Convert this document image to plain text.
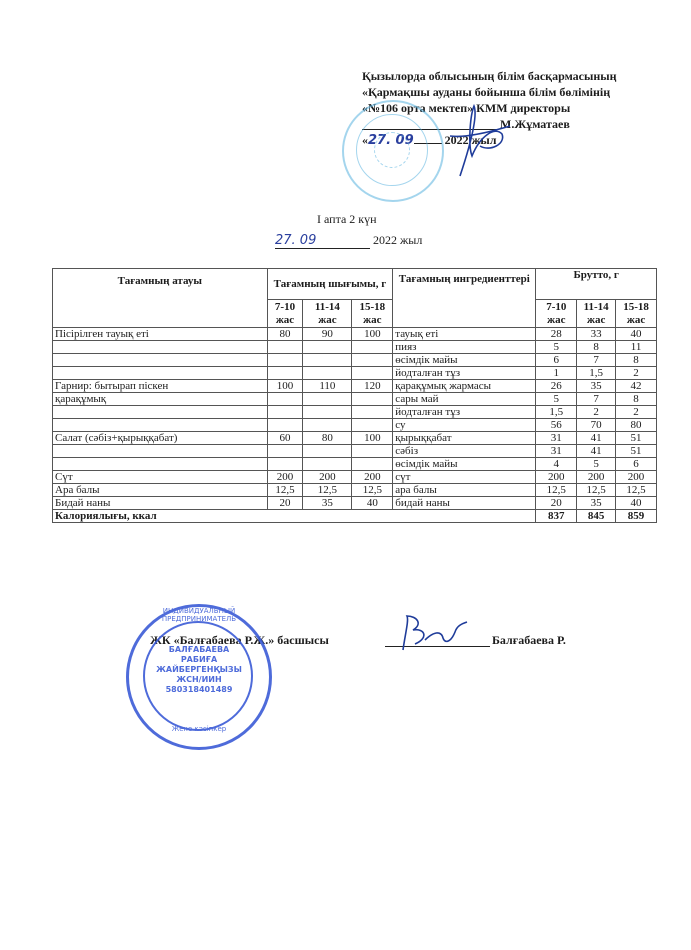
Қызылорда облысының білім басқармасының
«Қармақшы ауданы бойынша білім бөлімінің
«№106 орта мектеп» КММ директоры
М.Жұматаев
«27. 09	2022 жыл
I апта 2 күн
27. 09	2022 жыл
Тағамның атауы	Тағамның шығымы, г			Тағамның ингредиенттері	Брутто, г		
	7-10 жас	11-14 жас	15-18 жас		7-10 жас	11-14 жас	15-18 жас
Пісірілген тауық еті	80	90	100	тауық еті	28	33	40
				пияз	5	8	11
				өсімдік майы	6	7	8
				йодталған тұз	1	1,5	2
Гарнир: бытырап піскен	100	110	120	қарақұмық жармасы	26	35	42
қарақұмық				сары май	5	7	8
				йодталған тұз	1,5	2	2
				су	56	70	80
Салат (сәбіз+қырыққабат)	60	80	100	қырыққабат	31	41	51
				сәбіз	31	41	51
				өсімдік майы	4	5	6
Сүт	200	200	200	сүт	200	200	200
Ара балы	12,5	12,5	12,5	ара балы	12,5	12,5	12,5
Бидай наны	20	35	40	бидай наны	20	35	40
Калориялығы, ккал					837	845	859
ЖК «Балғабаева Р.Ж.» басшысы	Балғабаева Р.
ИНДИВИДУАЛЬНЫЙ ПРЕДПРИНИМАТЕЛЬ
БАЛҒАБАЕВА
РАБИҒА
ЖАЙБЕРГЕНҚЫЗЫ
ЖСН/ИИН
580318401489
Жеке кәсіпкер
